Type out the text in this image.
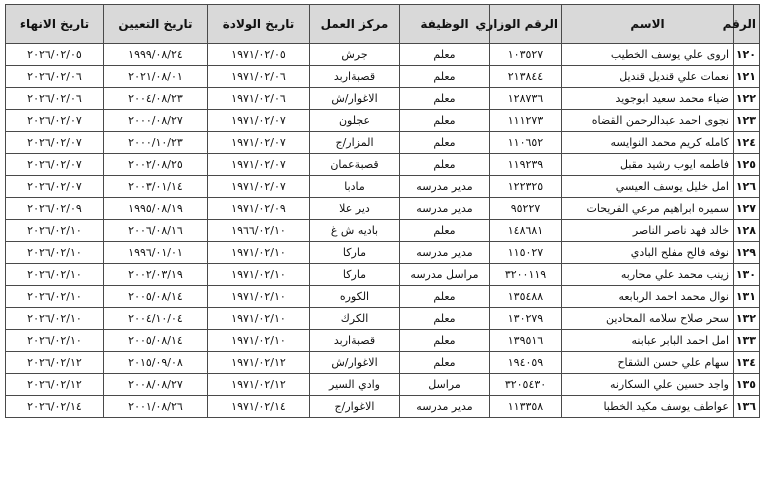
الرقم	الاسم	الرقم الوزاري	الوظيفة	مركز العمل	تاريخ الولادة	تاريخ التعيين	تاريخ الانهاء
١٢٠	اروى علي يوسف الخطيب	١٠٣٥٢٧	معلم	جرش	١٩٧١/٠٢/٠٥	١٩٩٩/٠٨/٢٤	٢٠٢٦/٠٢/٠٥
١٢١	نعمات علي قنديل قنديل	٢١٣٨٤٤	معلم	قصبةاربد	١٩٧١/٠٢/٠٦	٢٠٢١/٠٨/٠١	٢٠٢٦/٠٢/٠٦
١٢٢	ضياء محمد سعيد ابوجويد	١٢٨٧٣٦	معلم	الاغوار/ش	١٩٧١/٠٢/٠٦	٢٠٠٤/٠٨/٢٣	٢٠٢٦/٠٢/٠٦
١٢٣	نجوى احمد عبدالرحمن القضاه	١١١٢٧٣	معلم	عجلون	١٩٧١/٠٢/٠٧	٢٠٠٠/٠٨/٢٧	٢٠٢٦/٠٢/٠٧
١٢٤	كامله كريم محمد النوايسه	١١٠٦٥٢	معلم	المزار/ج	١٩٧١/٠٢/٠٧	٢٠٠٠/١٠/٢٣	٢٠٢٦/٠٢/٠٧
١٢٥	فاطمه ايوب رشيد مقبل	١١٩٢٣٩	معلم	قصبةعمان	١٩٧١/٠٢/٠٧	٢٠٠٢/٠٨/٢٥	٢٠٢٦/٠٢/٠٧
١٢٦	امل خليل يوسف العيسي	١٢٢٣٢٥	مدير مدرسه	مادبا	١٩٧١/٠٢/٠٧	٢٠٠٣/٠١/١٤	٢٠٢٦/٠٢/٠٧
١٢٧	سميره ابراهيم مرعي الفريحات	٩٥٢٢٧	مدير مدرسه	دير علا	١٩٧١/٠٢/٠٩	١٩٩٥/٠٨/١٩	٢٠٢٦/٠٢/٠٩
١٢٨	خالد فهد ناصر الناصر	١٤٨٦٨١	معلم	باديه ش غ	١٩٦٦/٠٢/١٠	٢٠٠٦/٠٨/١٦	٢٠٢٦/٠٢/١٠
١٢٩	نوفه فالح مفلح البادي	١١٥٠٢٧	مدير مدرسه	ماركا	١٩٧١/٠٢/١٠	١٩٩٦/٠١/٠١	٢٠٢٦/٠٢/١٠
١٣٠	زينب محمد علي محاربه	٣٢٠٠١١٩	مراسل مدرسه	ماركا	١٩٧١/٠٢/١٠	٢٠٠٢/٠٣/١٩	٢٠٢٦/٠٢/١٠
١٣١	نوال محمد احمد الربابعه	١٣٥٤٨٨	معلم	الكوره	١٩٧١/٠٢/١٠	٢٠٠٥/٠٨/١٤	٢٠٢٦/٠٢/١٠
١٣٢	سحر صلاح سلامه المحادين	١٣٠٢٧٩	معلم	الكرك	١٩٧١/٠٢/١٠	٢٠٠٤/١٠/٠٤	٢٠٢٦/٠٢/١٠
١٣٣	امل احمد البابر عبابنه	١٣٩٥١٦	معلم	قصبةاربد	١٩٧١/٠٢/١٠	٢٠٠٥/٠٨/١٤	٢٠٢٦/٠٢/١٠
١٣٤	سهام علي حسن الشقاح	١٩٤٠٥٩	معلم	الاغوار/ش	١٩٧١/٠٢/١٢	٢٠١٥/٠٩/٠٨	٢٠٢٦/٠٢/١٢
١٣٥	واجد حسين علي السكارنه	٣٢٠٥٤٣٠	مراسل	وادي السير	١٩٧١/٠٢/١٢	٢٠٠٨/٠٨/٢٧	٢٠٢٦/٠٢/١٢
١٣٦	عواطف يوسف مكيد الخطبا	١١٣٣٥٨	مدير مدرسه	الاغوار/ج	١٩٧١/٠٢/١٤	٢٠٠١/٠٨/٢٦	٢٠٢٦/٠٢/١٤
